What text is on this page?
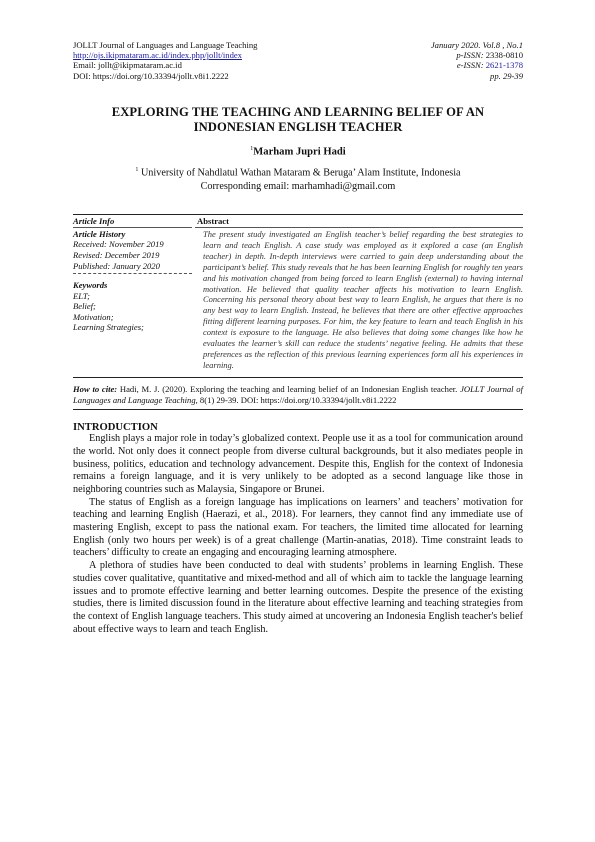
JOLLT Journal of Languages and Language Teaching
http://ojs.ikipmataram.ac.id/index.php/jollt/index
Email: jollt@ikipmataram.ac.id
DOI: https://doi.org/10.33394/jollt.v8i1.2222
January 2020. Vol.8 , No.1
p-ISSN: 2338-0810
e-ISSN: 2621-1378
pp. 29-39
EXPLORING THE TEACHING AND LEARNING BELIEF OF AN
INDONESIAN ENGLISH TEACHER
$^1$Marham Jupri Hadi
$^1$ University of Nahdlatul Wathan Mataram & Beruga’ Alam Institute, Indonesia
Corresponding email: marhamhadi@gmail.com
Article Info
Article History
Received: November 2019
Revised: December 2019
Published: January 2020
Keywords
ELT;
Belief;
Motivation;
Learning Strategies;
Abstract
The present study investigated an English teacher’s belief regarding the best strategies to learn and teach English. A case study was employed as it explored a case (an English teacher) in depth. In-depth interviews were carried to gain deep understanding about the participant’s belief. This study reveals that he has been learning English for roughly ten years and his motivation changed from being forced to learn English (external) to having internal motivation. He believed that quality teacher affects his motivation to learn English. Concerning his personal theory about best way to learn English, he argues that there is no any best way to learn English. Instead, he believes that there are other effective approaches fitting different learning purposes. For him, the key feature to learn and teach English in his context is exposure to the language. He also believes that doing some changes like how he evaluates the learner’s skill can reduce the students’ negative feeling. He admits that these preferences as the reflection of this previous learning experiences form all his experiences in learning.
How to cite: Hadi, M. J. (2020). Exploring the teaching and learning belief of an Indonesian English teacher. JOLLT Journal of Languages and Language Teaching, 8(1) 29-39. DOI: https://doi.org/10.33394/jollt.v8i1.2222
INTRODUCTION

English plays a major role in today’s globalized context. People use it as a tool for communication around the world. Not only does it connect people from diverse cultural backgrounds, but it also mediates people in business, politics, education and technology advancement. Despite this, English for the context of Indonesia remains a foreign language, and it is very unlikely to be adopted as a second language like those in neighboring countries such as Malaysia, Singapore or Brunei.

The status of English as a foreign language has implications on learners’ and teachers’ motivation for teaching and learning English (Haerazi, et al., 2018). For learners, they cannot find any immediate use of mastering English, except to pass the national exam. For teachers, the limited time allocated for learning English (only two hours per week) is of a great challenge (Martin-anatias, 2018). Time constraint leads to teachers’ difficulty to create an engaging and encouraging learning atmosphere.

A plethora of studies have been conducted to deal with students’ problems in learning English. These studies cover qualitative, quantitative and mixed-method and all of which aim to tackle the language learning issues and to promote effective learning and better learning outcomes. Despite the presence of the existing studies, there is limited discussion found in the literature about effective learning and teaching strategies from the context of English language teachers. This study aimed at uncovering an Indonesia English teacher's belief about effective ways to learn and teach English.
